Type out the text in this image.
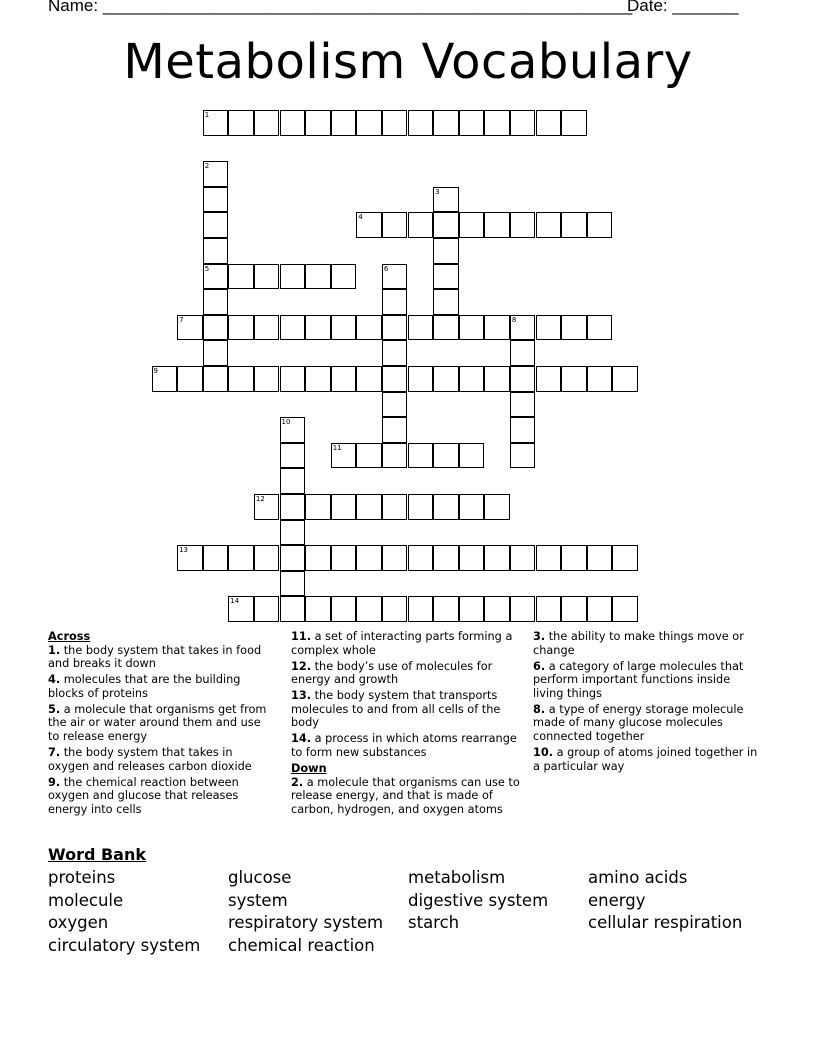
Name: ________________________________________________________
Date: _______
Metabolism Vocabulary
1
2
5
3
4
6
7	8
9
10
11
12
13
14
Across
1. the body system that takes in food and breaks it down
4. molecules that are the building blocks of proteins
5. a molecule that organisms get from the air or water around them and use to release energy
7. the body system that takes in oxygen and releases carbon dioxide
9. the chemical reaction between oxygen and glucose that releases energy into cells
11. a set of interacting parts forming a complex whole
12. the body’s use of molecules for energy and growth
13. the body system that transports molecules to and from all cells of the body
14. a process in which atoms rearrange to form new substances
Down
2. a molecule that organisms can use to release energy, and that is made of carbon, hydrogen, and oxygen atoms
3. the ability to make things move or change
6. a category of large molecules that perform important functions inside living things
8. a type of energy storage molecule made of many glucose molecules connected together
10. a group of atoms joined together in a particular way
Word Bank
proteins
molecule
oxygen
circulatory system
glucose
system
respiratory system
chemical reaction
metabolism
digestive system
starch
amino acids
energy
cellular respiration
